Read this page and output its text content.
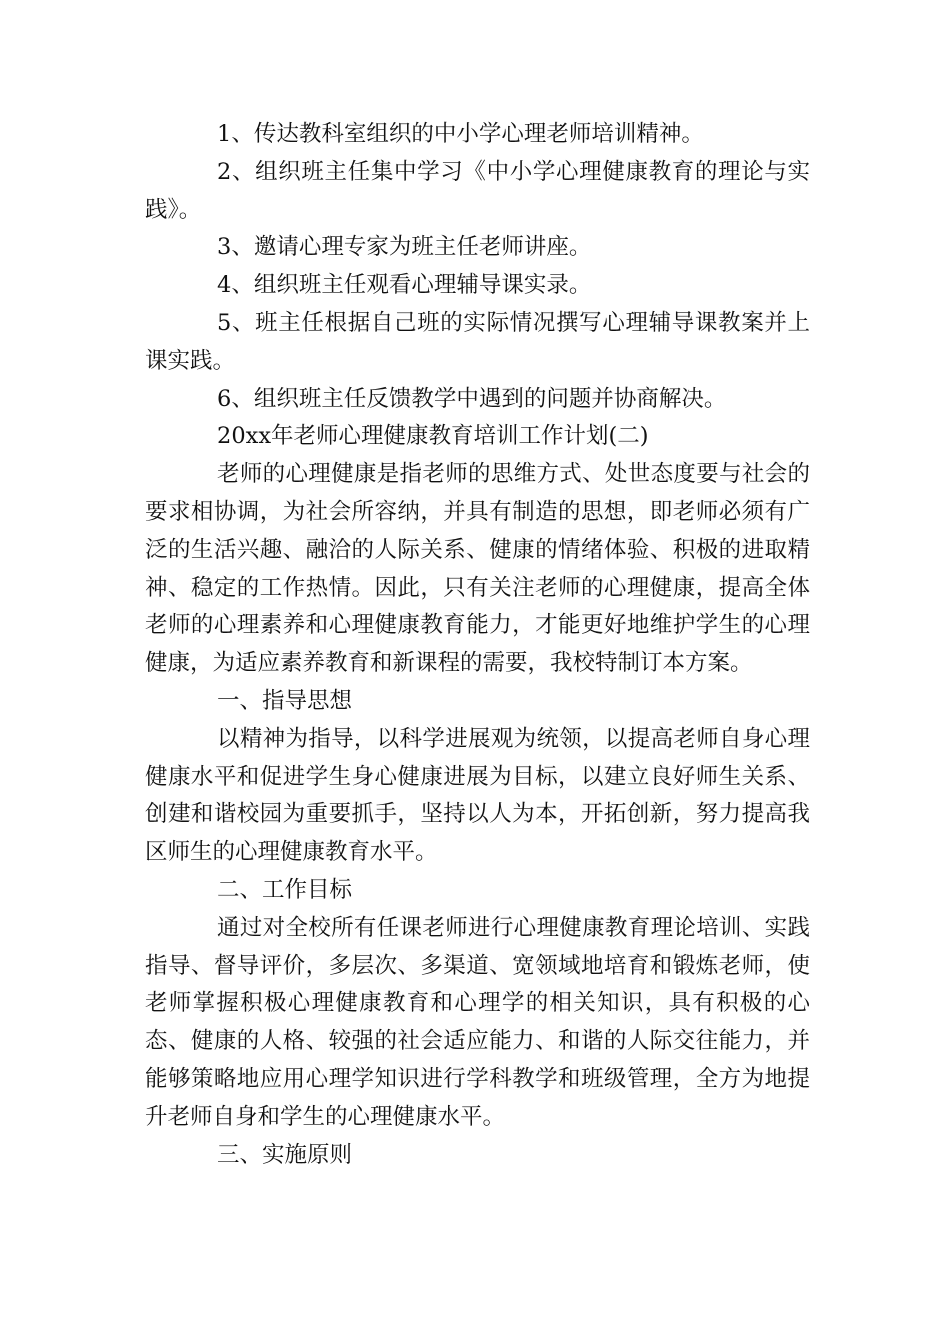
1、传达教科室组织的中小学心理老师培训精神。

2、组织班主任集中学习《中小学心理健康教育的理论与实践》。

3、邀请心理专家为班主任老师讲座。

4、组织班主任观看心理辅导课实录。

5、班主任根据自己班的实际情况撰写心理辅导课教案并上课实践。

6、组织班主任反馈教学中遇到的问题并协商解决。

20xx年老师心理健康教育培训工作计划(二)

老师的心理健康是指老师的思维方式、处世态度要与社会的要求相协调，为社会所容纳，并具有制造的思想，即老师必须有广泛的生活兴趣、融洽的人际关系、健康的情绪体验、积极的进取精神、稳定的工作热情。因此，只有关注老师的心理健康，提高全体老师的心理素养和心理健康教育能力，才能更好地维护学生的心理健康，为适应素养教育和新课程的需要，我校特制订本方案。

一、指导思想

以精神为指导，以科学进展观为统领，以提高老师自身心理健康水平和促进学生身心健康进展为目标，以建立良好师生关系、创建和谐校园为重要抓手，坚持以人为本，开拓创新，努力提高我区师生的心理健康教育水平。

二、工作目标

通过对全校所有任课老师进行心理健康教育理论培训、实践指导、督导评价，多层次、多渠道、宽领域地培育和锻炼老师，使老师掌握积极心理健康教育和心理学的相关知识，具有积极的心态、健康的人格、较强的社会适应能力、和谐的人际交往能力，并能够策略地应用心理学知识进行学科教学和班级管理，全方为地提升老师自身和学生的心理健康水平。

三、实施原则
